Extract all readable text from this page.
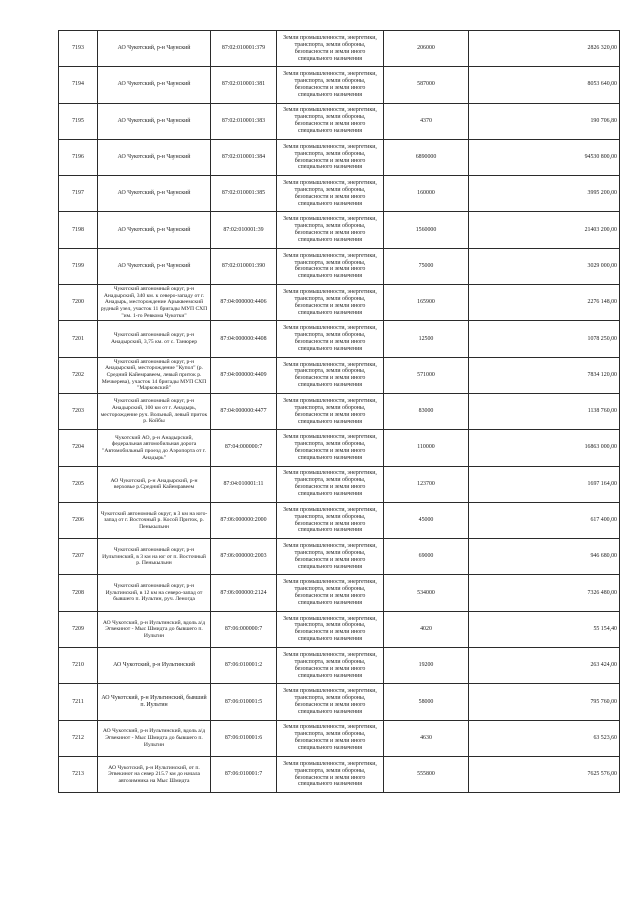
7193	АО Чукотский, р-н Чаунский	87:02:010001:379	Земли промышленности, энергетики, транспорта, земли обороны, безопасности и земли иного специального назначения	206000	2826 320,00
7194	АО Чукотский, р-н Чаунский	87:02:010001:381	Земли промышленности, энергетики, транспорта, земли обороны, безопасности и земли иного специального назначения	587000	8053 640,00
7195	АО Чукотский, р-н Чаунский	87:02:010001:383	Земли промышленности, энергетики, транспорта, земли обороны, безопасности и земли иного специального назначения	4370	190 706,80
7196	АО Чукотский, р-н Чаунский	87:02:010001:384	Земли промышленности, энергетики, транспорта, земли обороны, безопасности и земли иного специального назначения	6890000	94530 800,00
7197	АО Чукотский, р-н Чаунский	87:02:010001:385	Земли промышленности, энергетики, транспорта, земли обороны, безопасности и земли иного специального назначения	160000	3995 200,00
7198	АО Чукотский, р-н Чаунский	87:02:010001:39	Земли промышленности, энергетики, транспорта, земли обороны, безопасности и земли иного специального назначения	1560000	21403 200,00
7199	АО Чукотский, р-н Чаунский	87:02:010001:390	Земли промышленности, энергетики, транспорта, земли обороны, безопасности и земли иного специального назначения	75000	3029 000,00
7200	Чукотский автономный округ, р-н Анадырский, 340 км. к северо-западу от г. Анадырь, месторождение Арыквеемский рудный узел, участок 11 бригады МУП СХП "им. 1-го Ревкома Чукотки"	87:04:000000:4406	Земли промышленности, энергетики, транспорта, земли обороны, безопасности и земли иного специального назначения	165900	2276 148,00
7201	Чукотский автономный округ, р-н Анадырский, 3,75 км. от с. Танюрер	87:04:000000:4408	Земли промышленности, энергетики, транспорта, земли обороны, безопасности и земли иного специального назначения	12500	1078 250,00
7202	Чукотский автономный округ, р-н Анадырский, месторождение "Купол" (р. Средний Кайемравеем, левый приток р. Мечкерева), участок 14 бригады МУП СХП "Марковский"	87:04:000000:4409	Земли промышленности, энергетики, транспорта, земли обороны, безопасности и земли иного специального назначения	571000	7834 120,00
7203	Чукотский автономный округ, р-н Анадырский, 100 км от г. Анадырь, месторождение руч. Вольный, левый приток р. Койбы	87:04:000000:4477	Земли промышленности, энергетики, транспорта, земли обороны, безопасности и земли иного специального назначения	83000	1138 760,00
7204	Чукотский АО, р-н Анадырский, федеральная автомобильная дорога "Автомобильный проезд до Аэропорта от г. Анадырь"	87:04:000000:7	Земли промышленности, энергетики, транспорта, земли обороны, безопасности и земли иного специального назначения	110000	16863 000,00
7205	АО Чукотский, р-н Анадырский, р-н верховье р.Средний Кайемравеем	87:04:010001:11	Земли промышленности, энергетики, транспорта, земли обороны, безопасности и земли иного специального назначения	123700	1697 164,00
7206	Чукотский автономный округ, в 3 км на юго-запад от г. Восточный р. Косой Приток, р. Пенькыльнн	87:06:000000:2000	Земли промышленности, энергетики, транспорта, земли обороны, безопасности и земли иного специального назначения	45000	617 400,00
7207	Чукотский автономный округ, р-н Иультинский, в 3 км на юг от п. Восточный р. Пенькыльнн	87:06:000000:2003	Земли промышленности, энергетики, транспорта, земли обороны, безопасности и земли иного специального назначения	69000	946 680,00
7208	Чукотский автономный округ, р-н Иультинский, в 12 км на северо-запад от бывшего п. Иультин, руч. Леногда	87:06:000000:2124	Земли промышленности, энергетики, транспорта, земли обороны, безопасности и земли иного специального назначения	534000	7326 480,00
7209	АО Чукотский, р-н Иультинский, вдоль а/д Эгвекинот - Мыс Шмидта до бывшего п. Иультин	87:06:000000:7	Земли промышленности, энергетики, транспорта, земли обороны, безопасности и земли иного специального назначения	4020	55 154,40
7210	АО Чукотский, р-н Иультинский	87:06:010001:2	Земли промышленности, энергетики, транспорта, земли обороны, безопасности и земли иного специального назначения	19200	263 424,00
7211	АО Чукотский, р-н Иультинский, бывший п. Иультин	87:06:010001:5	Земли промышленности, энергетики, транспорта, земли обороны, безопасности и земли иного специального назначения	58000	795 760,00
7212	АО Чукотский, р-н Иультинский, вдоль а/д Эгвекинот - Мыс Шмидта до бывшего п. Иультин	87:06:010001:6	Земли промышленности, энергетики, транспорта, земли обороны, безопасности и земли иного специального назначения	4630	63 523,60
7213	АО Чукотский, р-н Иультинский, от п. Эгвекинот на север 215.7 км до начала автозимника на Мыс Шмидта	87:06:010001:7	Земли промышленности, энергетики, транспорта, земли обороны, безопасности и земли иного специального назначения	555800	7625 576,00
